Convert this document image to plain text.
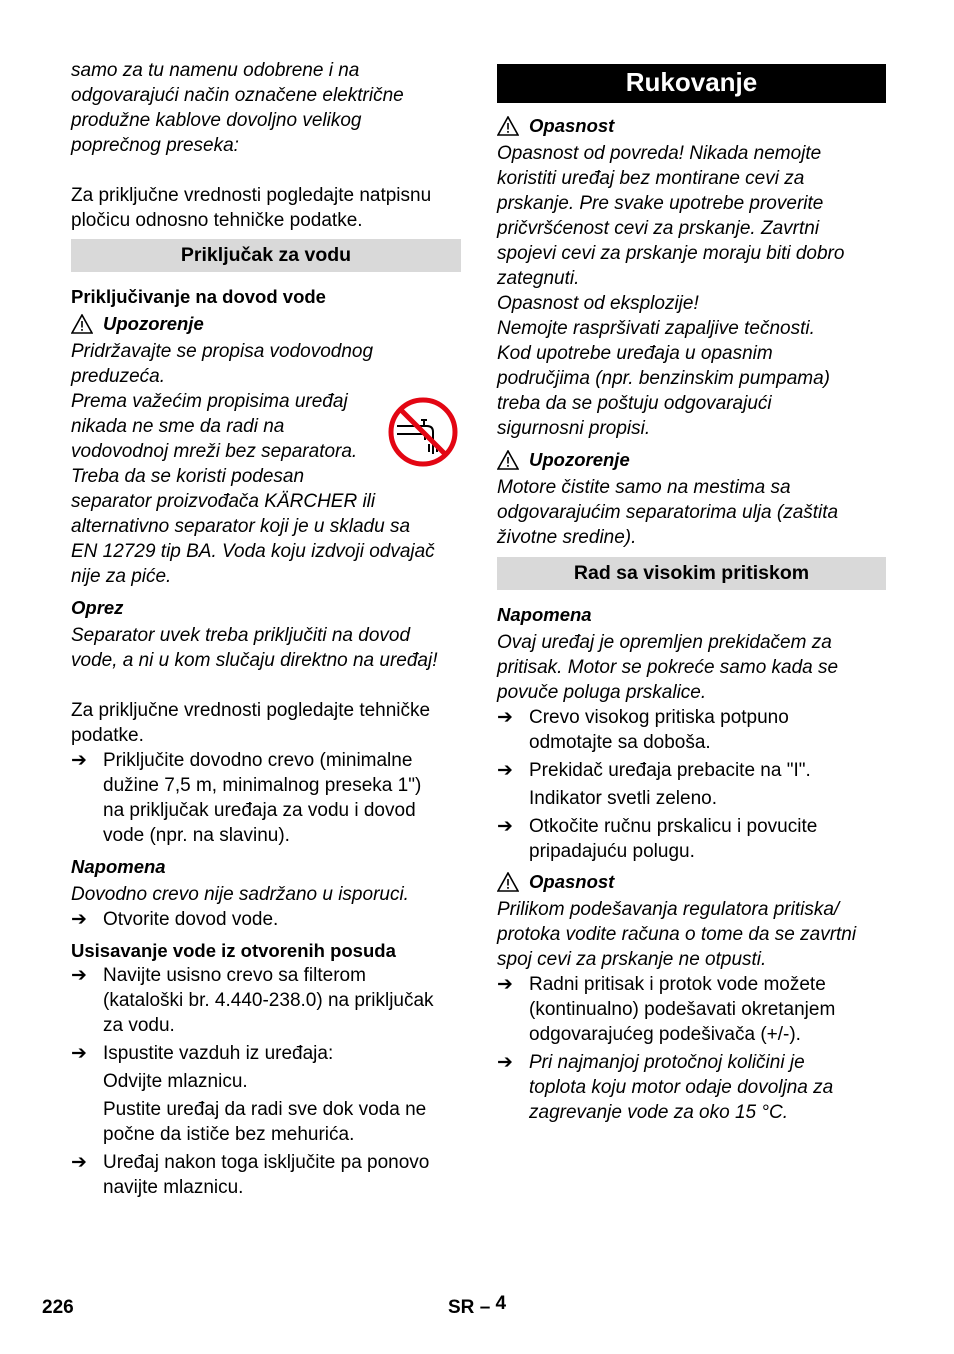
samo za tu namenu odobrene i na
odgovarajući način označene električne
produžne kablove dovoljno velikog
poprečnog preseka:
Za priključne vrednosti pogledajte natpisnu
pločicu odnosno tehničke podatke.
Priključak za vodu
Priključivanje na dovod vode
Upozorenje
Pridržavajte se propisa vodovodnog
preduzeća.
Prema važećim propisima uređaj
nikada ne sme da radi na
vodovodnoj mreži bez separatora.
Treba da se koristi podesan
separator proizvođača KÄRCHER ili
alternativno separator koji je u skladu sa
EN 12729 tip BA. Voda koju izdvoji odvajač
nije za piće.
Oprez
Separator uvek treba priključiti na dovod
vode, a ni u kom slučaju direktno na uređaj!
Za priključne vrednosti pogledajte tehničke
podatke.
➔ Priključite dovodno crevo (minimalne
dužine 7,5 m, minimalnog preseka 1")
na priključak uređaja za vodu i dovod
vode (npr. na slavinu).
Napomena
Dovodno crevo nije sadržano u isporuci.
➔ Otvorite dovod vode.
Usisavanje vode iz otvorenih posuda
➔ Navijte usisno crevo sa filterom
(kataloški br. 4.440-238.0) na priključak
za vodu.
➔ Ispustite vazduh iz uređaja:
Odvijte mlaznicu.
Pustite uređaj da radi sve dok voda ne
počne da ističe bez mehurića.
➔ Uređaj nakon toga isključite pa ponovo
navijte mlaznicu.
Rukovanje
Opasnost
Opasnost od povreda! Nikada nemojte
koristiti uređaj bez montirane cevi za
prskanje. Pre svake upotrebe proverite
pričvršćenost cevi za prskanje. Zavrtni
spojevi cevi za prskanje moraju biti dobro
zategnuti.
Opasnost od eksplozije!
Nemojte raspršivati zapaljive tečnosti.
Kod upotrebe uređaja u opasnim
područjima (npr. benzinskim pumpama)
treba da se poštuju odgovarajući
sigurnosni propisi.
Upozorenje
Motore čistite samo na mestima sa
odgovarajućim separatorima ulja (zaštita
životne sredine).
Rad sa visokim pritiskom
Napomena
Ovaj uređaj je opremljen prekidačem za
pritisak. Motor se pokreće samo kada se
povuče poluga prskalice.
➔ Crevo visokog pritiska potpuno
odmotajte sa doboša.
➔ Prekidač uređaja prebacite na "I".
Indikator svetli zeleno.
➔ Otkočite ručnu prskalicu i povucite
pripadajuću polugu.
Opasnost
Prilikom podešavanja regulatora pritiska/
protoka vodite računa o tome da se zavrtni
spoj cevi za prskanje ne otpusti.
➔ Radni pritisak i protok vode možete
(kontinualno) podešavati okretanjem
odgovarajućeg podešivača (+/-).
➔ Pri najmanjoj protočnoj količini je
toplota koju motor odaje dovoljna za
zagrevanje vode za oko 15 °C.
226	SR – 4
